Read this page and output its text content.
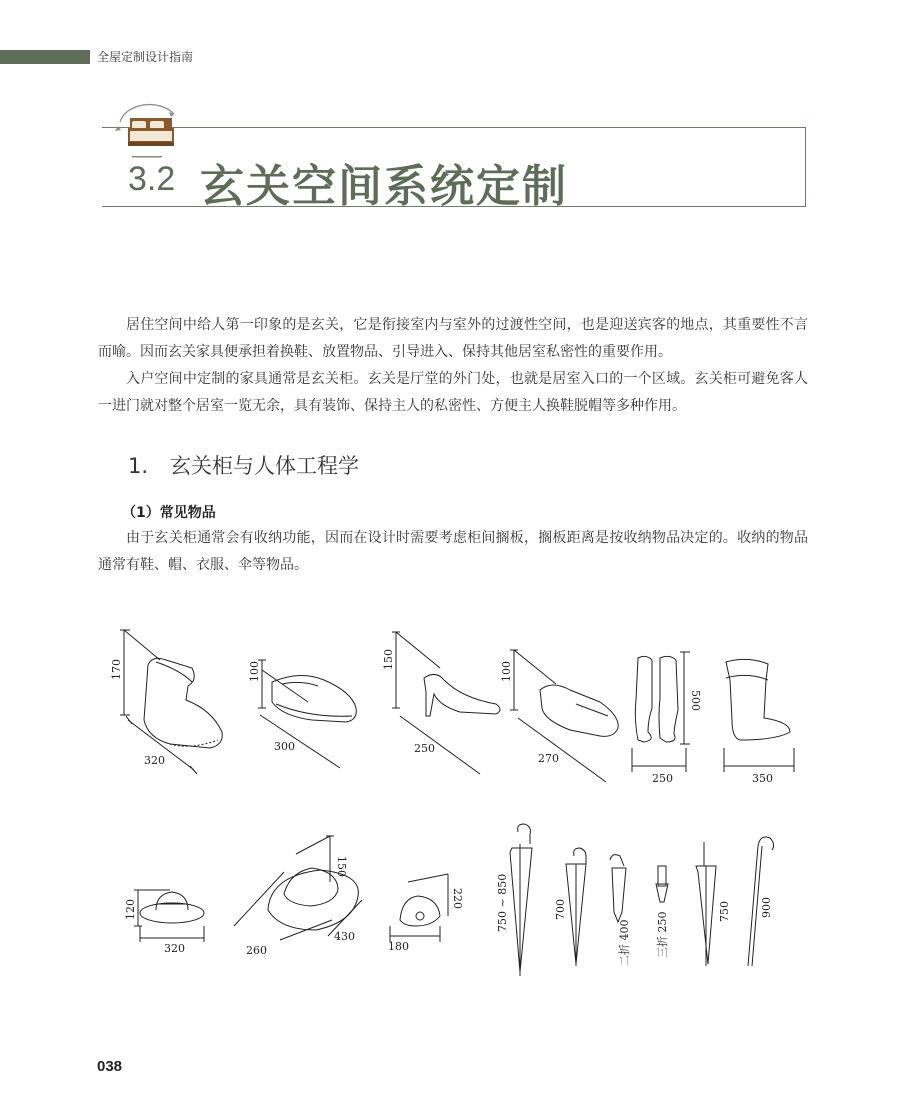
全屋定制设计指南
3.2 玄关空间系统定制

居住空间中给人第一印象的是玄关，它是衔接室内与室外的过渡性空间，也是迎送宾客的地点，其重要性不言而喻。因而玄关家具便承担着换鞋、放置物品、引导进入、保持其他居室私密性的重要作用。

入户空间中定制的家具通常是玄关柜。玄关是厅堂的外门处，也就是居室入口的一个区域。玄关柜可避免客人一进门就对整个居室一览无余，具有装饰、保持主人的私密性、方便主人换鞋脱帽等多种作用。

1. 玄关柜与人体工程学
（1）常见物品

由于玄关柜通常会有收纳功能，因而在设计时需要考虑柜间搁板，搁板距离是按收纳物品决定的。收纳的物品通常有鞋、帽、衣服、伞等物品。

170
320
100
300
150
250
100
270
500
250	350
120
320
150
260
430
220
180
750 ~ 850	700
二折 400 三折 250	750	900
038
